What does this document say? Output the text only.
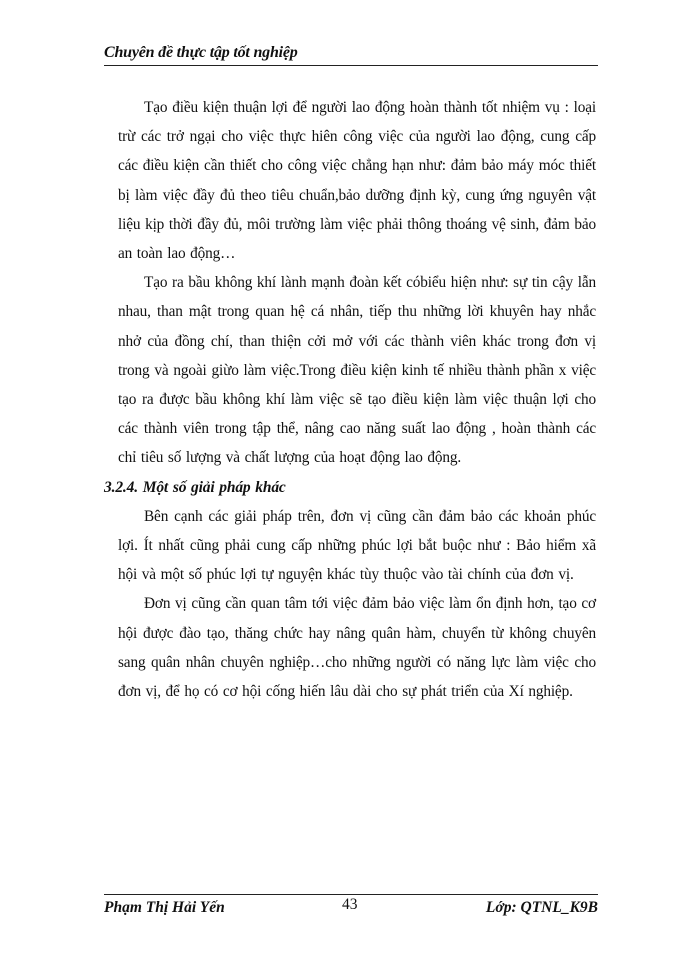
Chuyên đề thực tập tốt nghiệp

Tạo điều kiện thuận lợi để người lao động hoàn thành tốt nhiệm vụ : loại trừ các trở ngại cho việc thực hiên công việc của người lao động, cung cấp các điều kiện cần thiết cho công việc chẳng hạn như: đảm bảo máy móc thiết bị làm việc đầy đủ theo tiêu chuẩn,bảo dưỡng định kỳ, cung ứng nguyên vật liệu kịp thời đầy đủ, môi trường làm việc phải thông thoáng vệ sinh, đảm bảo an toàn lao động…

Tạo ra bầu không khí lành mạnh đoàn kết cóbiểu hiện như: sự tin cậy lẫn nhau, than mật trong quan hệ cá nhân, tiếp thu những lời khuyên hay nhắc nhở của đồng chí, than thiện cởi mở với các thành viên khác trong đơn vị trong và ngoài giừo làm việc.Trong điều kiện kinh tế nhiều thành phần x việc tạo ra được bầu không khí làm việc sẽ tạo điều kiện làm việc thuận lợi cho các thành viên trong tập thể, nâng cao năng suất lao động , hoàn thành các chỉ tiêu số lượng và chất lượng của hoạt động lao động.

3.2.4. Một số giải pháp khác

Bên cạnh các giải pháp trên, đơn vị cũng cần đảm bảo các khoản phúc lợi. Ít nhất cũng phải cung cấp những phúc lợi bắt buộc như : Bảo hiểm xã hội và một số phúc lợi tự nguyện khác tùy thuộc vào tài chính của đơn vị.

Đơn vị cũng cần quan tâm tới việc đảm bảo việc làm ổn định hơn, tạo cơ hội được đào tạo, thăng chức hay nâng quân hàm, chuyển từ không chuyên sang quân nhân chuyên nghiệp…cho những người có năng lực làm việc cho đơn vị, để họ có cơ hội cống hiến lâu dài cho sự phát triển của Xí nghiệp.

Phạm Thị Hải Yến	43	Lớp: QTNL_K9B
